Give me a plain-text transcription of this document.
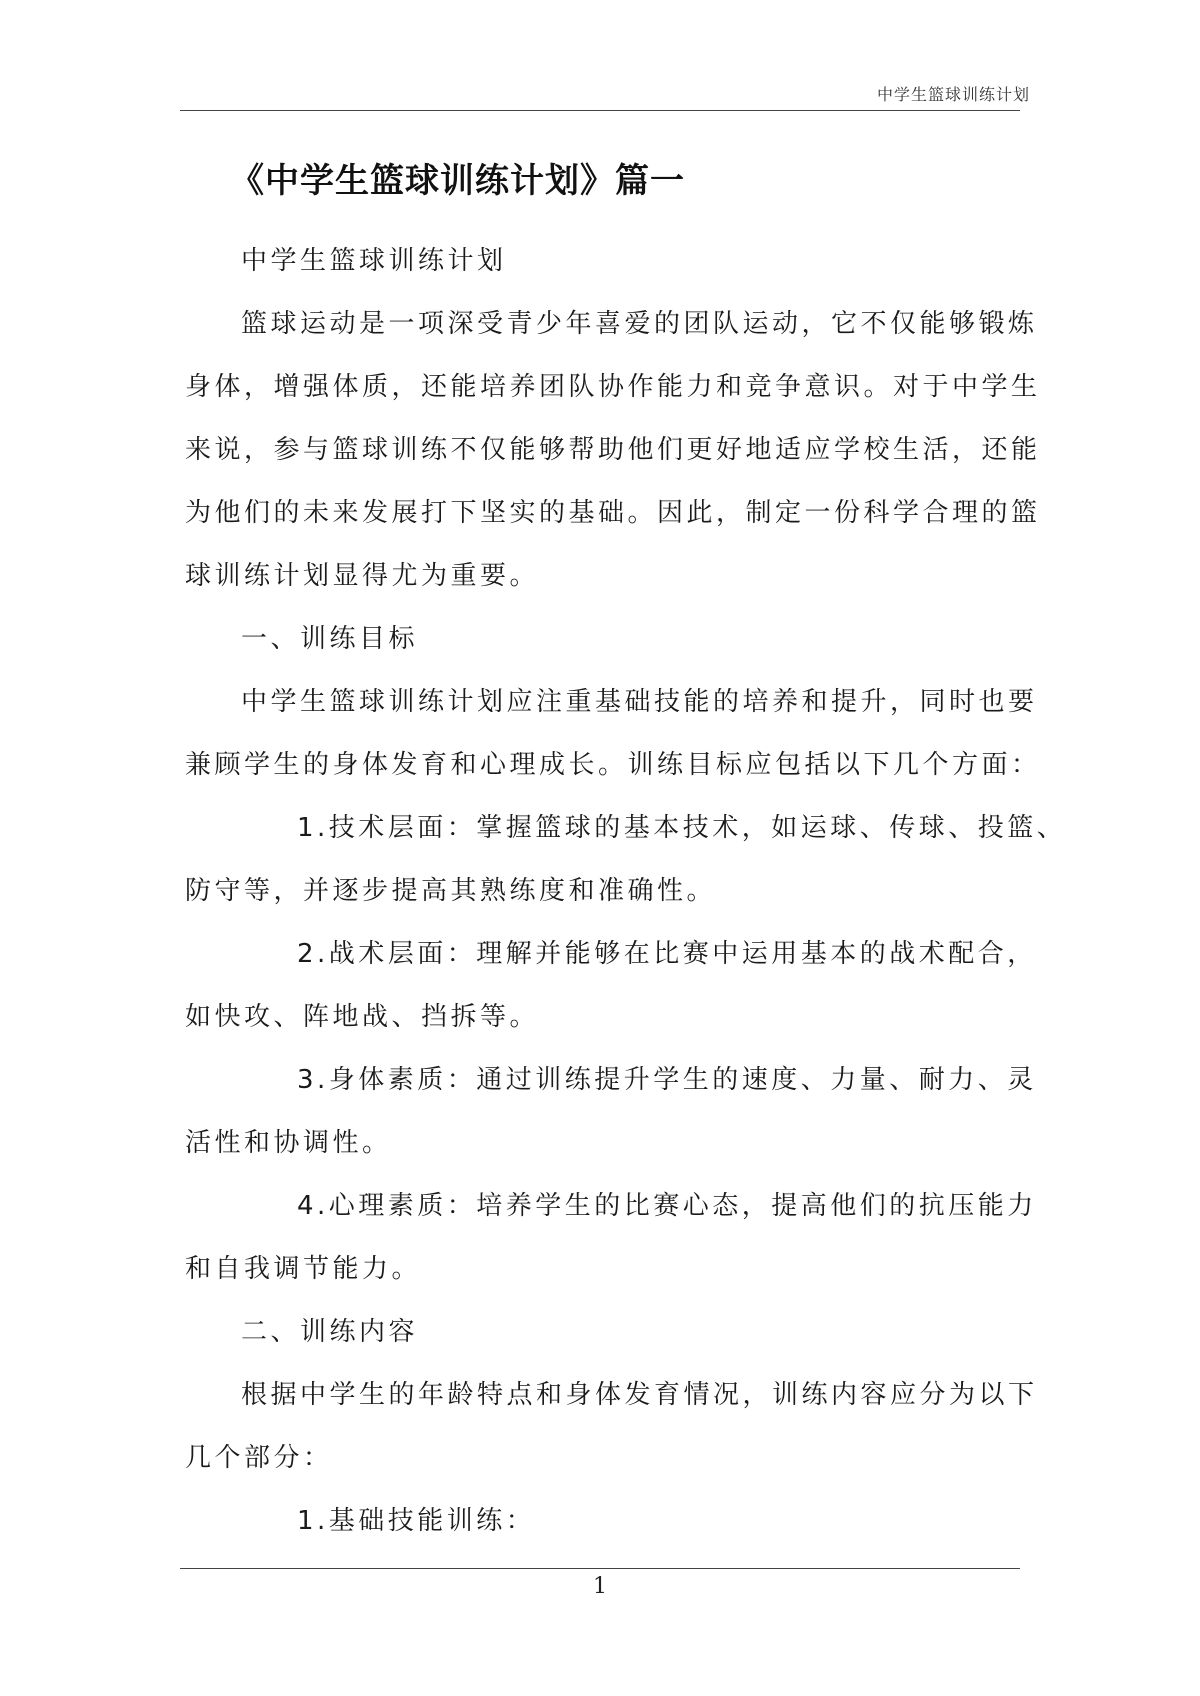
中学生篮球训练计划
《中学生篮球训练计划》篇一
中学生篮球训练计划
篮球运动是一项深受青少年喜爱的团队运动，它不仅能够锻炼
身体，增强体质，还能培养团队协作能力和竞争意识。对于中学生
来说，参与篮球训练不仅能够帮助他们更好地适应学校生活，还能
为他们的未来发展打下坚实的基础。因此，制定一份科学合理的篮
球训练计划显得尤为重要。
一、训练目标
中学生篮球训练计划应注重基础技能的培养和提升，同时也要
兼顾学生的身体发育和心理成长。训练目标应包括以下几个方面：
1.技术层面：掌握篮球的基本技术，如运球、传球、投篮、
防守等，并逐步提高其熟练度和准确性。
2.战术层面：理解并能够在比赛中运用基本的战术配合，
如快攻、阵地战、挡拆等。
3.身体素质：通过训练提升学生的速度、力量、耐力、灵
活性和协调性。
4.心理素质：培养学生的比赛心态，提高他们的抗压能力
和自我调节能力。
二、训练内容
根据中学生的年龄特点和身体发育情况，训练内容应分为以下
几个部分：
1.基础技能训练：
1
